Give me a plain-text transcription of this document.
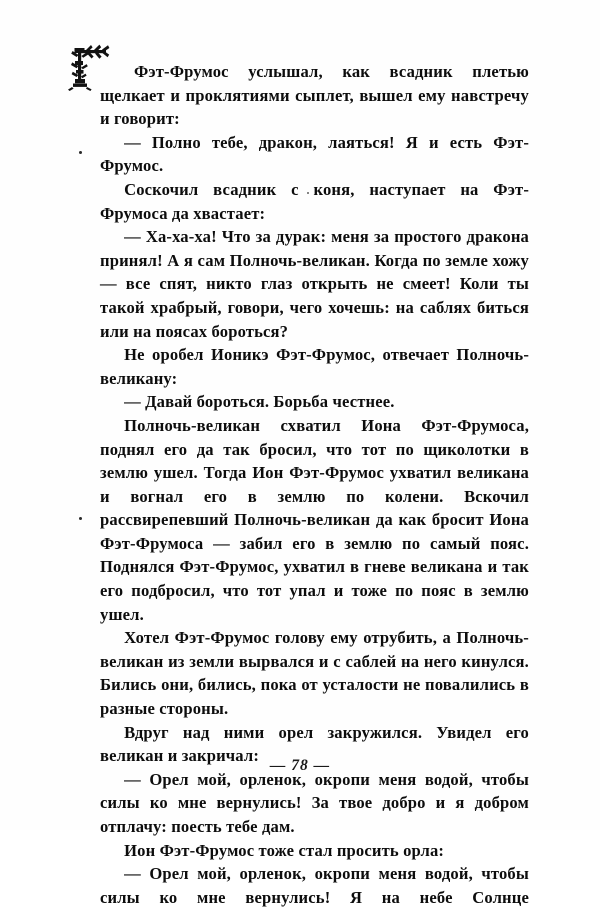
Фэт-Фрумос услышал, как всадник плетью щелкает и проклятиями сыплет, вышел ему навстречу и говорит:

— Полно тебе, дракон, лаяться! Я и есть Фэт-Фрумос.

Соскочил всадник с коня, наступает на Фэт-Фрумоса да хвастает:

— Ха-ха-ха! Что за дурак: меня за простого дракона принял! А я сам Полночь-великан. Когда по земле хожу — все спят, никто глаз открыть не смеет! Коли ты такой храбрый, говори, чего хочешь: на саблях биться или на поясах бороться?

Не оробел Ионикэ Фэт-Фрумос, отвечает Полночь-великану:

— Давай бороться. Борьба честнее.

Полночь-великан схватил Иона Фэт-Фрумоса, поднял его да так бросил, что тот по щиколотки в землю ушел. Тогда Ион Фэт-Фрумос ухватил великана и вогнал его в землю по колени. Вскочил рассвирепевший Полночь-великан да как бросит Иона Фэт-Фрумоса — забил его в землю по самый пояс. Поднялся Фэт-Фрумос, ухватил в гневе великана и так его подбросил, что тот упал и тоже по пояс в землю ушел.

Хотел Фэт-Фрумос голову ему отрубить, а Полночь-великан из земли вырвался и с саблей на него кинулся. Бились они, бились, пока от усталости не повалились в разные стороны.

Вдруг над ними орел закружился. Увидел его великан и закричал:

— Орел мой, орленок, окропи меня водой, чтобы силы ко мне вернулись! За твое добро и я добром отплачу: поесть тебе дам.

Ион Фэт-Фрумос тоже стал просить орла:

— Орел мой, орленок, окропи меня водой, чтобы силы ко мне вернулись! Я на небе Солнце

— 78 —
